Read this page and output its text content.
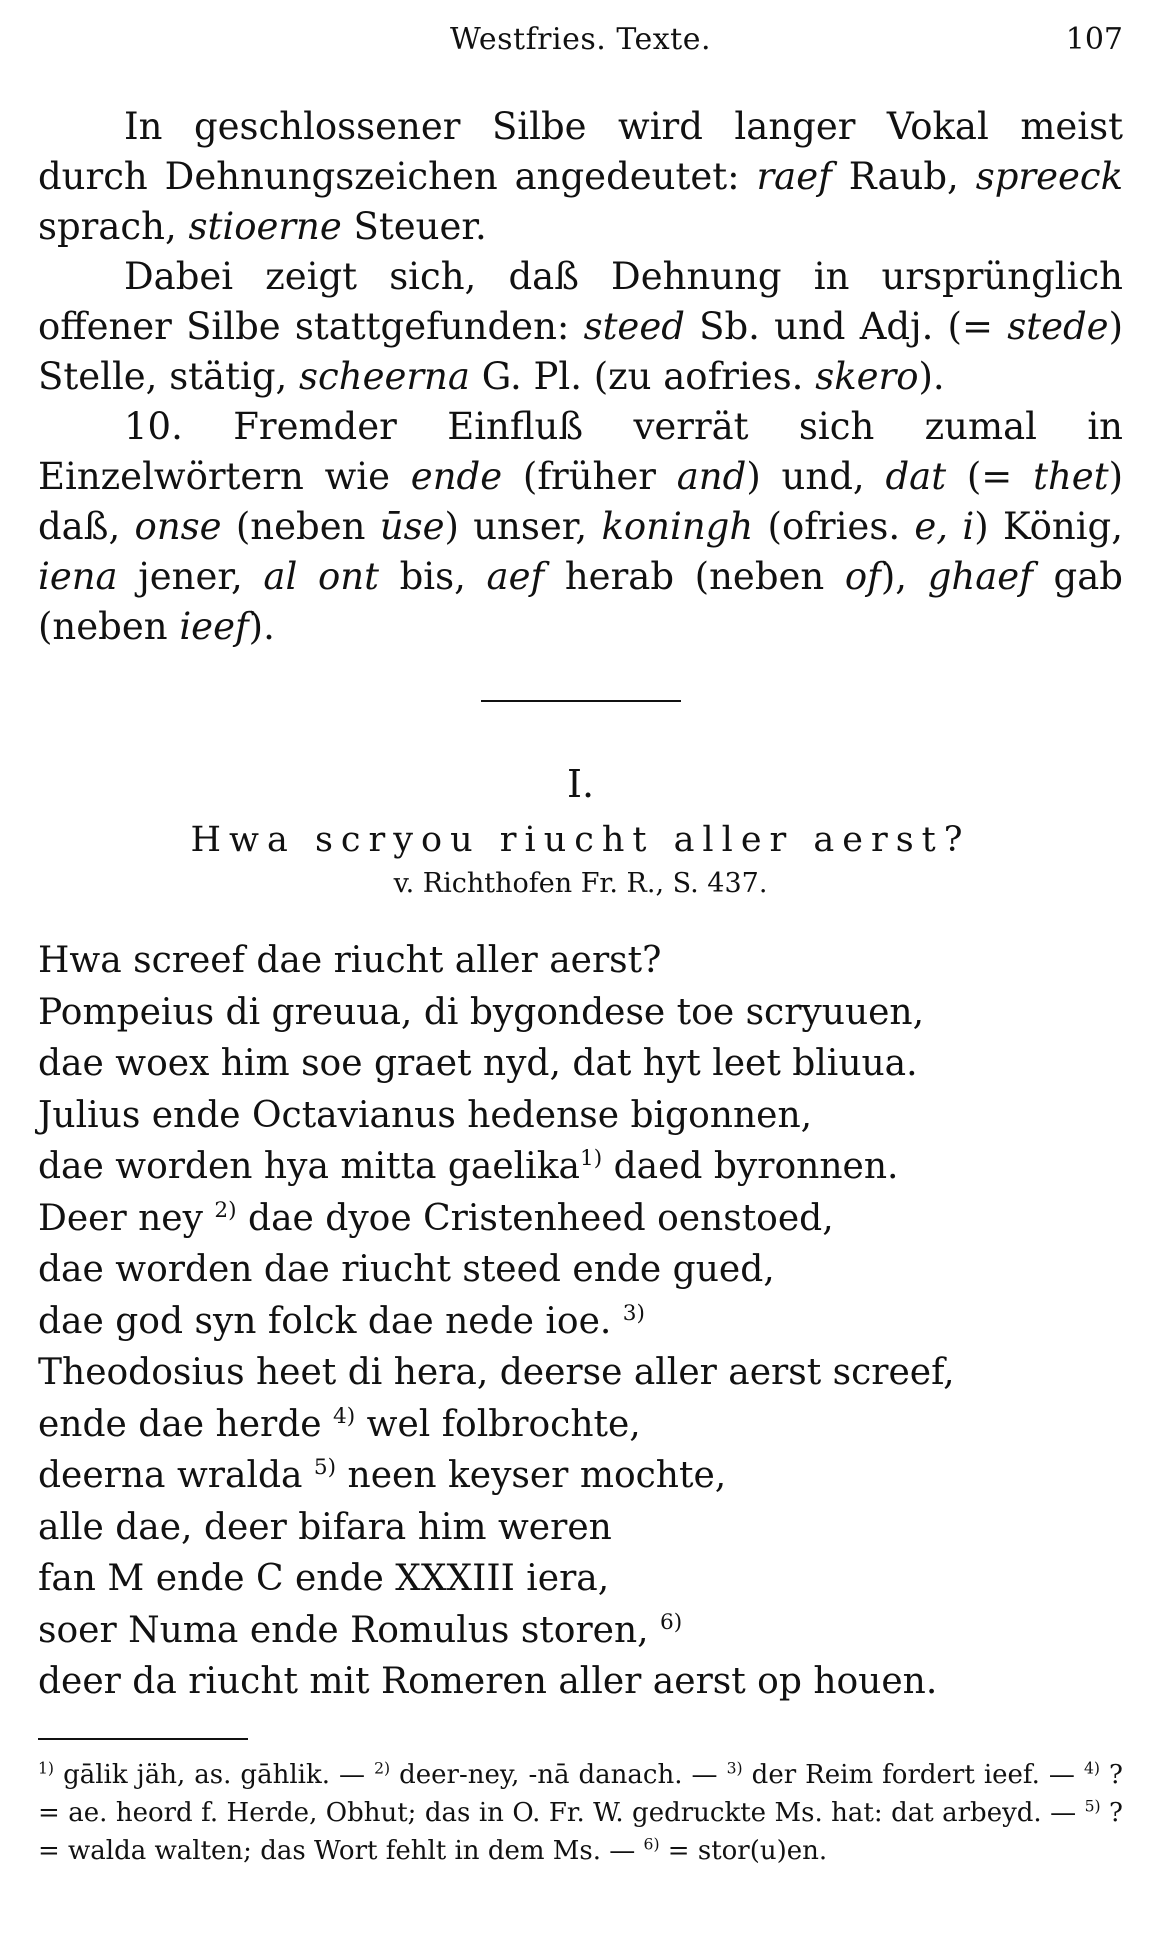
Westfries. Texte.	107

In geschlossener Silbe wird langer Vokal meist durch Dehnungszeichen angedeutet: raef Raub, spreeck sprach, stioerne Steuer.

Dabei zeigt sich, daß Dehnung in ursprünglich offener Silbe stattgefunden: steed Sb. und Adj. (= stede) Stelle, stätig, scheerna G. Pl. (zu aofries. skero).

10. Fremder Einfluß verrät sich zumal in Einzelwörtern wie ende (früher and) und, dat (= thet) daß, onse (neben ūse) unser, koningh (ofries. e, i) König, iena jener, al ont bis, aef herab (neben of), ghaef gab (neben ieef).

I.
Hwa scryou riucht aller aerst?
v. Richthofen Fr. R., S. 437.
Hwa screef dae riucht aller aerst?
Pompeius di greuua, di bygondese toe scryuuen,
dae woex him soe graet nyd, dat hyt leet bliuua.
Julius ende Octavianus hedense bigonnen,
dae worden hya mitta gaelika$^{1)}$ daed byronnen.
Deer ney $^{2)}$ dae dyoe Cristenheed oenstoed,
dae worden dae riucht steed ende gued,
dae god syn folck dae nede ioe. $^{3)}$
Theodosius heet di hera, deerse aller aerst screef,
ende dae herde $^{4)}$ wel folbrochte,
deerna wralda $^{5)}$ neen keyser mochte,
alle dae, deer bifara him weren
fan M ende C ende XXXIII iera,
soer Numa ende Romulus storen, $^{6)}$
deer da riucht mit Romeren aller aerst op houen.
$^{1)}$ gālik jäh, as. gāhlik. — $^{2)}$ deer-ney, -nā danach. — $^{3)}$ der Reim fordert ieef. — $^{4)}$ ? = ae. heord f. Herde, Obhut; das in O. Fr. W. gedruckte Ms. hat: dat arbeyd. — $^{5)}$ ? = walda walten; das Wort fehlt in dem Ms. — $^{6)}$ = stor(u)en.
